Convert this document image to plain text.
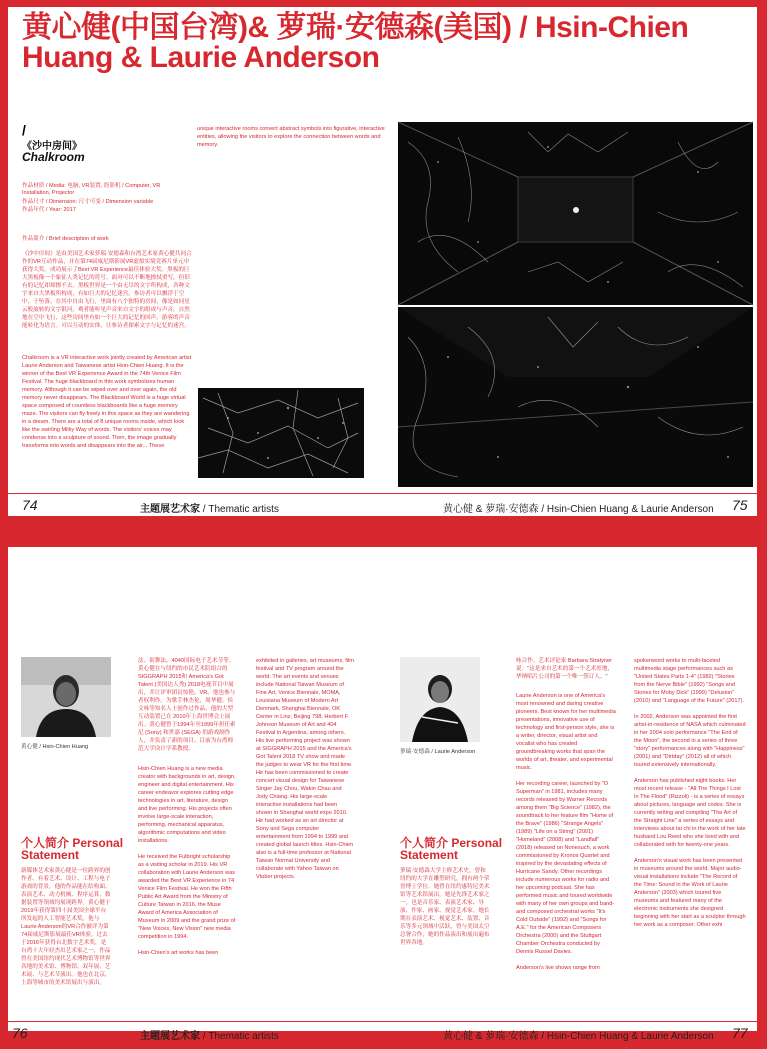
黄心健(中国台湾)& 萝瑞·安德森(美国) / Hsin-Chien
Huang & Laurie Anderson
/
《沙中房间》
Chalkroom
作品材质 / Media: 电脑, VR装置, 投影机 / Computer, VR
Installation, Projector
作品尺寸 / Dimension: 尺寸可变 / Dimension variable
作品年代 / Year: 2017
作品简介 / Brief description of work
《沙中房间》是由美国艺术家萝瑞·安德森和台湾艺术家黄心健共同合作的VR互动作品，并在第74届威尼斯影展VR虚拟实境竞赛片单元中获得大奖。成功展示了Best VR Experience最佳体验大奖。黑板的巨大黑板像一个象征人类记忆的符号。面对可以不断地擦拭重写，但旧有的记忆却却擦不去。黑板世界是一个由无尽的文字所构成，各种文字来自大黑板所构成，有如巨大的记忆迷宫。参访者可以飘浮于空中、于坠落，在其中自由飞行，里面有八个独特的房间，像是如同星云般旋转的文字银河。观者能听见声音来自文字的组成与声音，自然地在空中飞行，这些房间里有如一个巨大的记忆的回声。游客的声音能转化为语言。可以互动的实体，让参访者探索文字与记忆的迷宫。
Chalkroom is a VR interactive work jointly created by American artist Laurie Anderson and Taiwanese artist Hsin-Chien Huang. It is the winner of the Best VR Experience Award in the 74th Venice Film Festival. The huge blackboard in this work symbolizes human memory. Although it can be wiped over and over again, the old memory never disappears. The Blackboard World is a huge virtual space composed of countless blackboards like a huge memory maze. The visitors can fly freely in this space as they are wandering in a dream. There are a total of 8 unique rooms inside, which look like the swirling Milky Way of words. The visitors' voices may condense into a sculpture of sound. Then, the image gradually transforms into words and disappears into the air... These
unique interactive rooms convert abstract symbols into figurative, interactive entities, allowing the visitors to explore the connection between words and memory.
74	主题展艺术家 / Thematic artists	黄心健 & 萝瑞·安德森 / Hsin-Chien Huang & Laurie Anderson 75
黄心健 / Hsin-Chien Huang
个人简介 Personal
Statement
新媒体艺术家黄心健是一位跨界的创作者、有着艺术、设计、工程与电子游戏的背景。他的作品能在结构面、表演艺术、动力机械、程序运算，数据装置等领域均展现跨界。黄心健于2019年获得第四十届美国全球平台所发起的人工智能艺术奖。他与Laurie Anderson的VR合作被评为第74届威尼斯影展最佳VR体验。过去于2016年获得台北数字艺术奖，是台湾十大年轻杰出艺术家之一，作品曾在美国纽约现代艺术博物馆等世界各地的美术馆、博物馆、双年展、艺术展、与艺术节演出。他也在北京，上海等城市的美术馆展出与演出。
法、街舞法、4040国际电子艺术节等。黄心健在与纽约的市民艺术院组合的SIGGRAPH 2015和 America's Got Talent (美国达人秀) 2018电视节目中展出，并让评审团员惊艳。VR、他也参与者权利作。为歌手林杰伦、周华健、侯文咏等知名人士创作过作品，他的大型互动装置已在 2010年上海世博会上展出。黄心健曾于1994年至1999年担任索尼 (Sony) 和世嘉 (SEGA) 的游戏制作人，并负责了新的项目。目前为台湾师范大学设计学系教授。
Hsin-Chien Huang is a new media creator with backgrounds in art, design, engineer and digital entertainment. His career endeavor explores cutting edge technologies in art, literature, design and live performing. His projects often involve large-scale interaction, performing, mechanical apparatus, algorithmic computations and video installations.

He received the Fulbright scholarship as a visiting scholar in 2019. His VR collaboration with Laurie Anderson was awarded the Best VR Experience in 74 Venice Film Festival. He won the Fifth Public Art Award from the Ministry of Culture Taiwan in 2016, the Muse Award of America Association of Museum in 2009 and the grand prize of "New Voices, New Vision" new media competition in 1994.

Hsin-Chien's art works has been
exhibited in galleries, art museums, film festival and TV program around the world. The art events and venues include National Taiwan Museum of Fine Art, Venice Biennale, MOMA, Louisiana Museum of Modern Art Denmark, Shanghai Biennale, OK Center in Linz, Beijing 798, Herbert F. Johnson Museum of Art and 404 Festival in Argentina, among others. His live performing project was shown at SIGGRAPH 2015 and the America's Got Talent 2018 TV show and made the judges to wear VR for the first time. He has been commissioned to create concert visual design for Taiwanese Singer Jay Chou, Wakin Chau and Jody Chiang. His large-scale interactive installations had been shown in Shanghai world expo 2010. He had worked as an art director at Sony and Sega computer entertainment from 1994 to 1999 and created global launch titles. Hsin-Chien also is a full-time professor at National Taiwan Normal University and collaborate with Yahoo Taiwan on Vtuber projects.
萝瑞·安德森 / Laurie Anderson
个人简介 Personal
Statement
萝瑞·安德森大学主修艺术史，曾和纽约的大学在雕塑研究，拥有两个荣誉博士学位。她曾在纽约惠特尼美术馆等艺术馆展出，她是先锋艺术家之一，也是音乐家、表演艺术家、导演、作家、画家、视觉艺术家。她长期在表演艺术、视觉艺术、装置、音乐等多元领域中活跃，曾与美国太空总署合作，她的作品演出和展出遍布世界各地。
咏合作。艺术评论家 Barbara Stratyner 说："这是来自艺术的第一个艺术驻地，华纳唱片公司的第一个唯一签订人。"
Laurie Anderson is one of America's most renowned and daring creative pioneers. Best known for her multimedia presentations, innovative use of technology and first-person style, she is a writer, director, visual artist and vocalist who has created groundbreaking works that span the worlds of art, theater, and experimental music.

Her recording career, launched by "O Superman" in 1981, includes many records released by Warner Records among them "Big Science" (1982), the soundtrack to her feature film "Home of the Brave" (1986) "Strange Angels" (1989) "Life on a String" (2001) "Homeland" (2008) and "Landfall" (2018) released on Nonesuch, a work commissioned by Kronos Quartet and inspired by the devastating effects of Hurricane Sandy. Other recordings include numerous works for radio and her upcoming podcast. She has performed music and toured worldwide with many of her own groups and band-and composed orchestral works "It's Cold Outside" (1992) and "Songs for A.E." for the American Composers Orchestra (2000) and the Stuttgart Chamber Orchestra conducted by Dennis Russel Davies.

Anderson's live shows range from
spokenword works to multi-faceted multimedia stage performances such as "United States Parts 1-4" (1982) "Stories from the Nerve Bible" (1992) "Songs and Stories for Moby Dick" (1999) "Delusion" (2010) and "Language of the Future" (2017).

In 2002, Anderson was appointed the first artist-in-residence of NASA which culminated in her 2004 solo performance "The End of the Moon", the second in a series of three "story" performances along with "Happiness" (2001) and "Dirtday" (2012) all of which toured extensively internationally.

Anderson has published eight books. Her most recent release - "All The Things I Lost In The Flood" (Rizzoli) - is a series of essays about pictures, language and codes. She is currently writing and compiling "The Art of the Straight Line" a series of essays and interviews about tai chi in the work of her late husband Lou Reed who she lived with and collaborated with for twenty-one years.

Anderson's visual work has been presented in museums around the world. Major audio-visual installations include "The Record of the Time: Sound in the Work of Laurie Anderson" (2003) which toured five museums and featured many of the electronic instruments she designed beginning with her start as a sculptor through her work as a composer. Other exhi
76	主题展艺术家 / Thematic artists	黄心健 & 萝瑞·安德森 / Hsin-Chien Huang & Laurie Anderson 77
